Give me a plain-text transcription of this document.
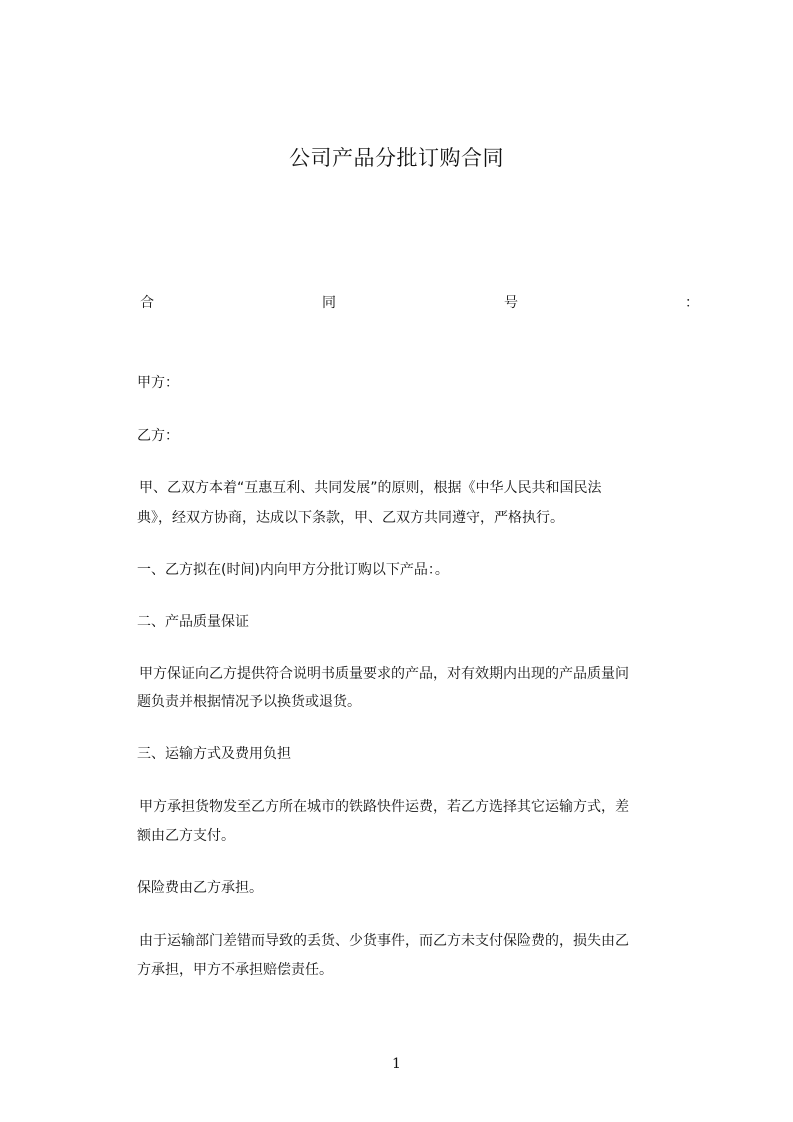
公司产品分批订购合同
合	同	号	：
甲方：
乙方：
甲、乙双方本着“互惠互利、共同发展”的原则，根据《中华人民共和国民法
典》，经双方协商，达成以下条款，甲、乙双方共同遵守，严格执行。
一、乙方拟在(时间)内向甲方分批订购以下产品：。
二、产品质量保证
甲方保证向乙方提供符合说明书质量要求的产品，对有效期内出现的产品质量问
题负责并根据情况予以换货或退货。
三、运输方式及费用负担
甲方承担货物发至乙方所在城市的铁路快件运费，若乙方选择其它运输方式，差
额由乙方支付。
保险费由乙方承担。
由于运输部门差错而导致的丢货、少货事件，而乙方未支付保险费的，损失由乙
方承担，甲方不承担赔偿责任。
1
